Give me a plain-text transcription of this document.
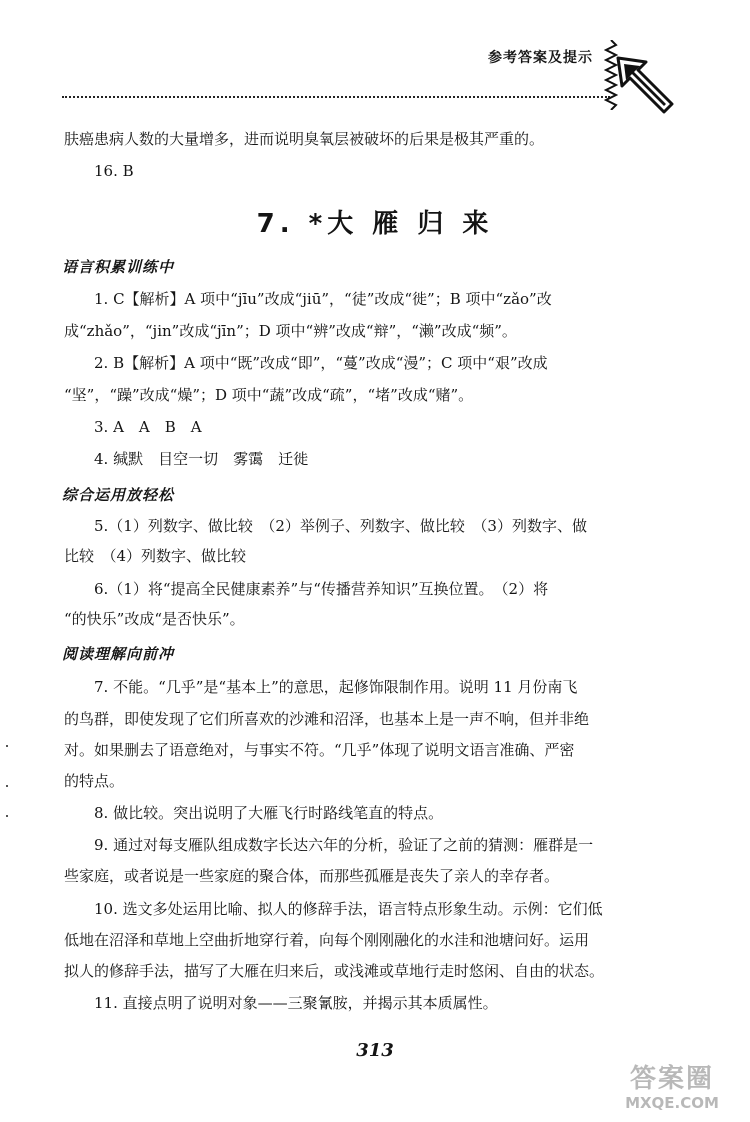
参考答案及提示

肤癌患病人数的大量增多，进而说明臭氧层被破坏的后果是极其严重的。

16. B

7. *大 雁 归 来
语言积累训练中

1. C【解析】A 项中“jīu”改成“jiū”，“徒”改成“徙”；B 项中“zǎo”改

成“zhǎo”，“jin”改成“jīn”；D 项中“辨”改成“辩”，“濑”改成“频”。

2. B【解析】A 项中“既”改成“即”，“蔓”改成“漫”；C 项中“艰”改成

“坚”，“躁”改成“燥”；D 项中“蔬”改成“疏”，“堵”改成“赌”。

3. A　A　B　A

4. 缄默　目空一切　雾霭　迁徙

综合运用放轻松

5.（1）列数字、做比较　（2）举例子、列数字、做比较　（3）列数字、做

比较　（4）列数字、做比较

6.（1）将“提高全民健康素养”与“传播营养知识”互换位置。　（2）将

“的快乐”改成“是否快乐”。

阅读理解向前冲

7. 不能。“几乎”是“基本上”的意思，起修饰限制作用。说明 11 月份南飞

的鸟群，即使发现了它们所喜欢的沙滩和沼泽，也基本上是一声不响，但并非绝

对。如果删去了语意绝对，与事实不符。“几乎”体现了说明文语言准确、严密

的特点。

8. 做比较。突出说明了大雁飞行时路线笔直的特点。

9. 通过对每支雁队组成数字长达六年的分析，验证了之前的猜测：雁群是一

些家庭，或者说是一些家庭的聚合体，而那些孤雁是丧失了亲人的幸存者。

10. 选文多处运用比喻、拟人的修辞手法，语言特点形象生动。示例：它们低

低地在沼泽和草地上空曲折地穿行着，向每个刚刚融化的水洼和池塘问好。运用

拟人的修辞手法，描写了大雁在归来后，或浅滩或草地行走时悠闲、自由的状态。

11. 直接点明了说明对象——三聚氰胺，并揭示其本质属性。

313
答案圈
MXQE.COM
